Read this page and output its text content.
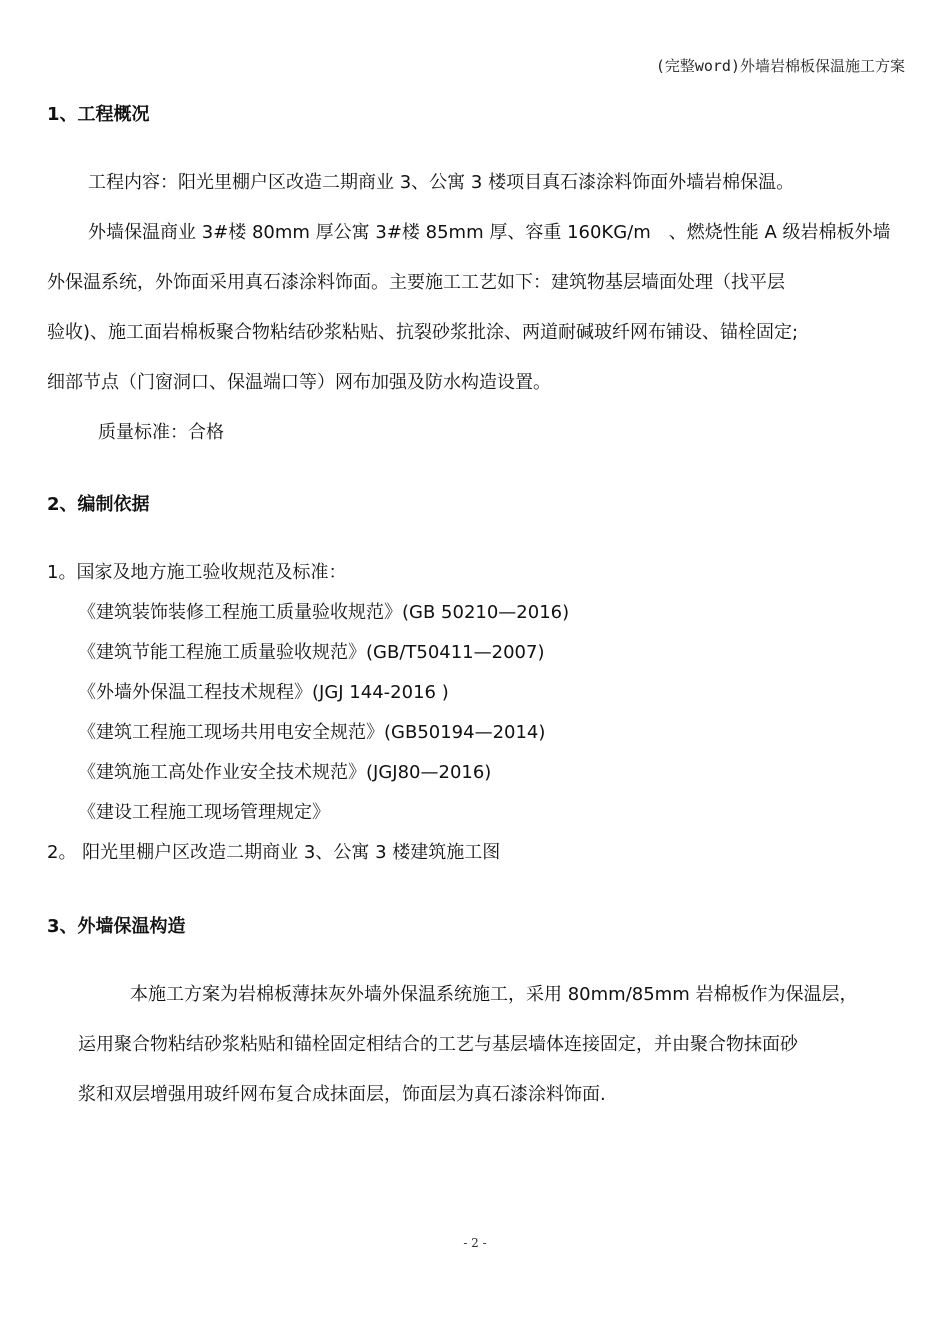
(完整word)外墙岩棉板保温施工方案
1、工程概况
工程内容：阳光里棚户区改造二期商业 3、公寓 3 楼项目真石漆涂料饰面外墙岩棉保温。
外墙保温商业 3#楼 80mm 厚公寓 3#楼 85mm 厚、容重 160KG/m　、燃烧性能 A 级岩棉板外墙
外保温系统，外饰面采用真石漆涂料饰面。主要施工工艺如下：建筑物基层墙面处理（找平层
验收)、施工面岩棉板聚合物粘结砂浆粘贴、抗裂砂浆批涂、两道耐碱玻纤网布铺设、锚栓固定;
细部节点（门窗洞口、保温端口等）网布加强及防水构造设置。
质量标准：合格
2、编制依据
1。国家及地方施工验收规范及标准：
《建筑装饰装修工程施工质量验收规范》(GB 50210—2016)
《建筑节能工程施工质量验收规范》(GB/T50411—2007)
《外墙外保温工程技术规程》(JGJ 144-2016 )
《建筑工程施工现场共用电安全规范》(GB50194—2014)
《建筑施工高处作业安全技术规范》(JGJ80—2016)
《建设工程施工现场管理规定》
2。 阳光里棚户区改造二期商业 3、公寓 3 楼建筑施工图
3、外墙保温构造
本施工方案为岩棉板薄抹灰外墙外保温系统施工，采用 80mm/85mm 岩棉板作为保温层，
运用聚合物粘结砂浆粘贴和锚栓固定相结合的工艺与基层墙体连接固定，并由聚合物抹面砂
浆和双层增强用玻纤网布复合成抹面层，饰面层为真石漆涂料饰面.
- 2 -
